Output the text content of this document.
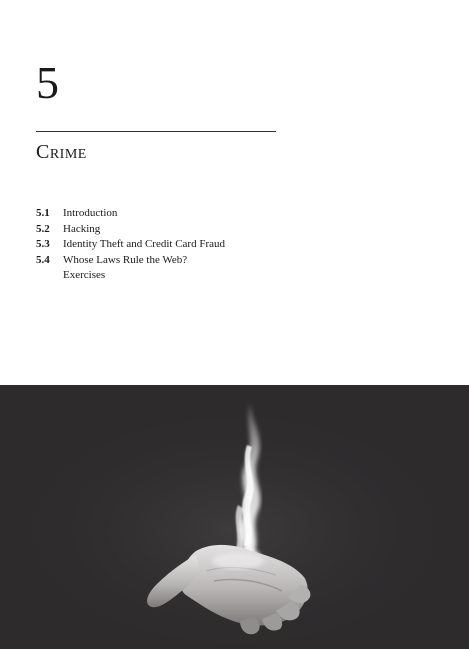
5
Crime
5.1 Introduction
5.2 Hacking
5.3 Identity Theft and Credit Card Fraud
5.4 Whose Laws Rule the Web?
Exercises
